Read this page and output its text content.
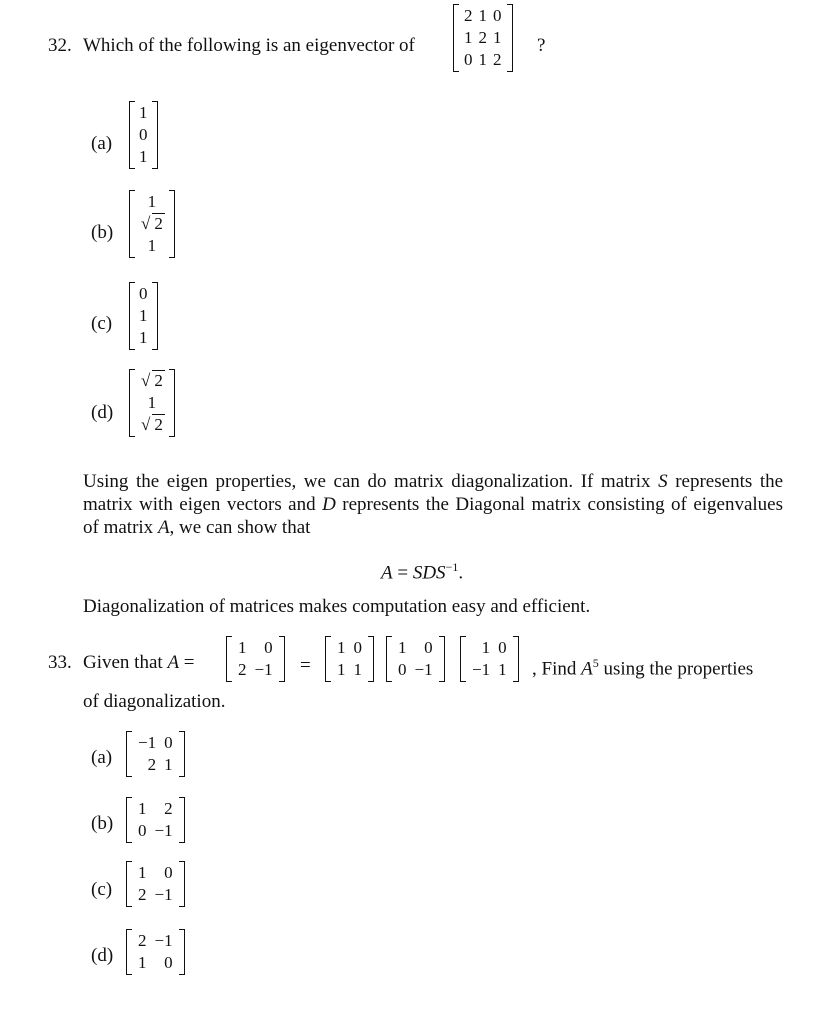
32. Which of the following is an eigenvector of
2 1 0
1 2 1
0 1 2
?
(a)
1
0
1
(b)
1
√ 2
1
(c)
0
1
1
(d)
√ 2
1
√ 2
Using the eigen properties, we can do matrix diagonalization. If matrix S represents the matrix with eigen vectors and D represents the Diagonal matrix consisting of eigenvalues of matrix A, we can show that
$A = SDS^{-1}$.
Diagonalization of matrices makes computation easy and efficient.
33. Given that A =
1	0
2 −1 =
1 0
1 1
1	0
0 −1
1 0
−1 1 , Find $A^5$ using the properties
of diagonalization.
(a)
−1 0
2 1
(b)
1	2
0 −1
(c)
1	0
2 −1
(d)
2 −1
1	0
